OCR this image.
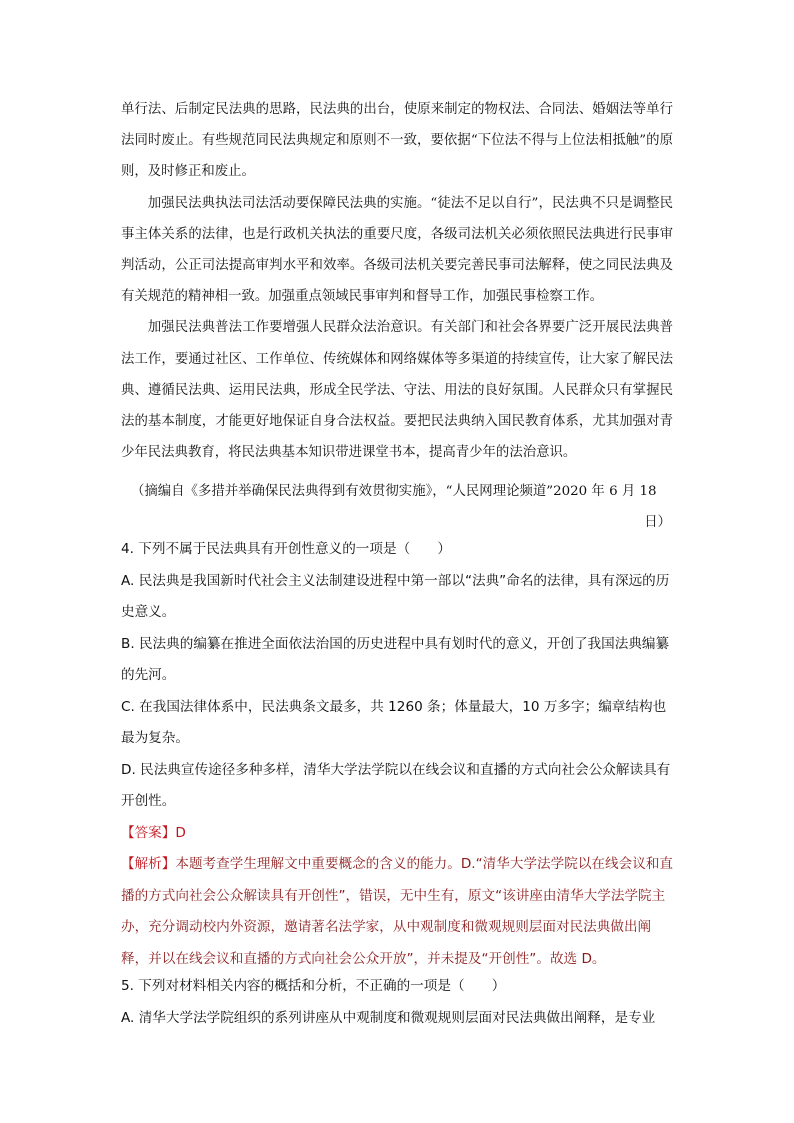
单行法、后制定民法典的思路，民法典的出台，使原来制定的物权法、合同法、婚姻法等单行法同时废止。有些规范同民法典规定和原则不一致，要依据“下位法不得与上位法相抵触”的原则，及时修正和废止。

加强民法典执法司法活动要保障民法典的实施。“徒法不足以自行”，民法典不只是调整民事主体关系的法律，也是行政机关执法的重要尺度，各级司法机关必须依照民法典进行民事审判活动，公正司法提高审判水平和效率。各级司法机关要完善民事司法解释，使之同民法典及有关规范的精神相一致。加强重点领域民事审判和督导工作，加强民事检察工作。

加强民法典普法工作要增强人民群众法治意识。有关部门和社会各界要广泛开展民法典普法工作，要通过社区、工作单位、传统媒体和网络媒体等多渠道的持续宣传，让大家了解民法典、遵循民法典、运用民法典，形成全民学法、守法、用法的良好氛围。人民群众只有掌握民法的基本制度，才能更好地保证自身合法权益。要把民法典纳入国民教育体系，尤其加强对青少年民法典教育，将民法典基本知识带进课堂书本，提高青少年的法治意识。

（摘编自《多措并举确保民法典得到有效贯彻实施》，“人民网理论频道”2020 年 6 月 18
日）

4. 下列不属于民法典具有开创性意义的一项是（　　）

A. 民法典是我国新时代社会主义法制建设进程中第一部以“法典”命名的法律，具有深远的历史意义。

B. 民法典的编纂在推进全面依法治国的历史进程中具有划时代的意义，开创了我国法典编纂的先河。

C. 在我国法律体系中，民法典条文最多，共 1260 条；体量最大，10 万多字；编章结构也最为复杂。

D. 民法典宣传途径多种多样，清华大学法学院以在线会议和直播的方式向社会公众解读具有开创性。

【答案】D

【解析】本题考查学生理解文中重要概念的含义的能力。D.“清华大学法学院以在线会议和直播的方式向社会公众解读具有开创性”，错误，无中生有，原文“该讲座由清华大学法学院主办，充分调动校内外资源，邀请著名法学家，从中观制度和微观规则层面对民法典做出阐释，并以在线会议和直播的方式向社会公众开放”，并未提及“开创性”。故选 D。

5. 下列对材料相关内容的概括和分析，不正确的一项是（　　）

A. 清华大学法学院组织的系列讲座从中观制度和微观规则层面对民法典做出阐释，是专业
